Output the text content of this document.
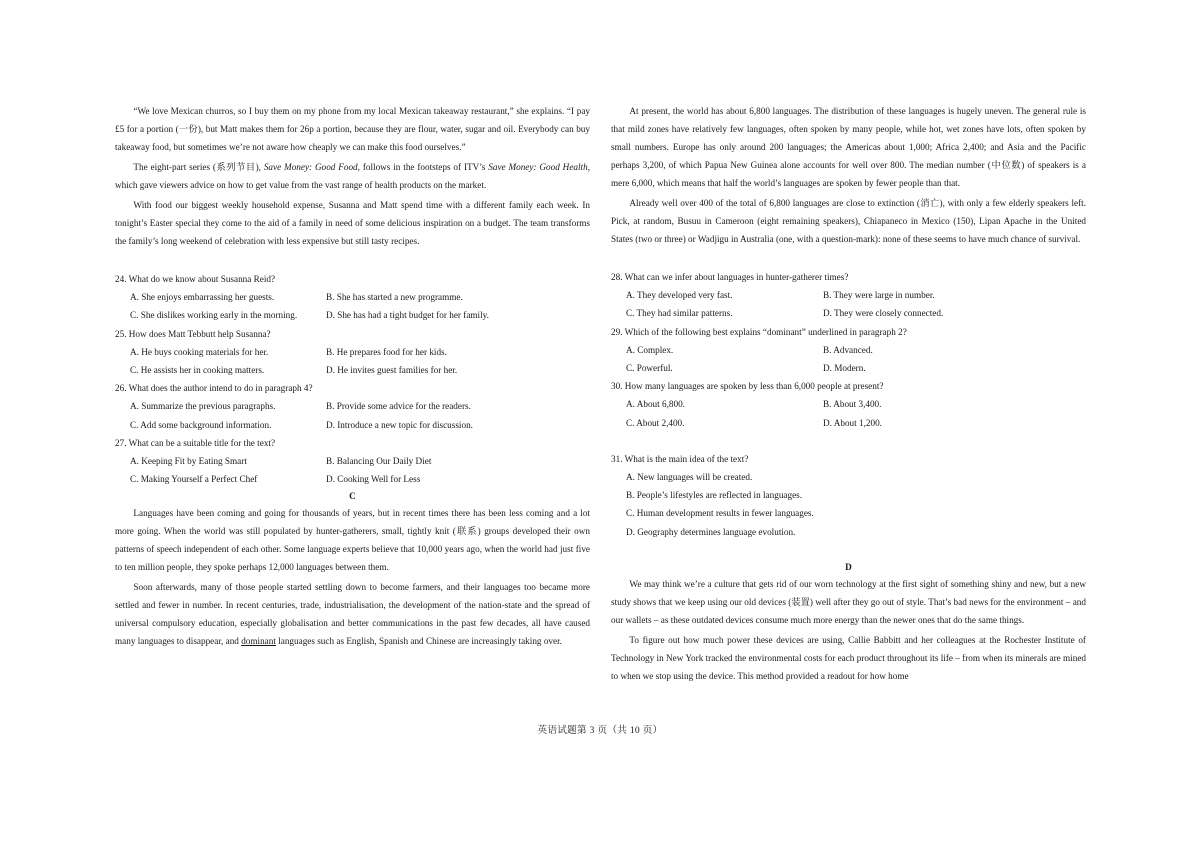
“We love Mexican churros, so I buy them on my phone from my local Mexican takeaway restaurant,” she explains. “I pay £5 for a portion (一份), but Matt makes them for 26p a portion, because they are flour, water, sugar and oil. Everybody can buy takeaway food, but sometimes we’re not aware how cheaply we can make this food ourselves.”

The eight-part series (系列节目), Save Money: Good Food, follows in the footsteps of ITV’s Save Money: Good Health, which gave viewers advice on how to get value from the vast range of health products on the market.

With food our biggest weekly household expense, Susanna and Matt spend time with a different family each week. In tonight’s Easter special they come to the aid of a family in need of some delicious inspiration on a budget. The team transforms the family’s long weekend of celebration with less expensive but still tasty recipes.

24. What do we know about Susanna Reid?
A. She enjoys embarrassing her guests.	B. She has started a new programme.
C. She dislikes working early in the morning.	D. She has had a tight budget for her family.
25. How does Matt Tebbutt help Susanna?
A. He buys cooking materials for her.	B. He prepares food for her kids.
C. He assists her in cooking matters.	D. He invites guest families for her.
26. What does the author intend to do in paragraph 4?
A. Summarize the previous paragraphs.	B. Provide some advice for the readers.
C. Add some background information.	D. Introduce a new topic for discussion.
27. What can be a suitable title for the text?
A. Keeping Fit by Eating Smart	B. Balancing Our Daily Diet
C. Making Yourself a Perfect Chef	D. Cooking Well for Less
C

Languages have been coming and going for thousands of years, but in recent times there has been less coming and a lot more going. When the world was still populated by hunter-gatherers, small, tightly knit (联系) groups developed their own patterns of speech independent of each other. Some language experts believe that 10,000 years ago, when the world had just five to ten million people, they spoke perhaps 12,000 languages between them.

Soon afterwards, many of those people started settling down to become farmers, and their languages too became more settled and fewer in number. In recent centuries, trade, industrialisation, the development of the nation-state and the spread of universal compulsory education, especially globalisation and better communications in the past few decades, all have caused many languages to disappear, and dominant languages such as English, Spanish and Chinese are increasingly taking over.

At present, the world has about 6,800 languages. The distribution of these languages is hugely uneven. The general rule is that mild zones have relatively few languages, often spoken by many people, while hot, wet zones have lots, often spoken by small numbers. Europe has only around 200 languages; the Americas about 1,000; Africa 2,400; and Asia and the Pacific perhaps 3,200, of which Papua New Guinea alone accounts for well over 800. The median number (中位数) of speakers is a mere 6,000, which means that half the world’s languages are spoken by fewer people than that.

Already well over 400 of the total of 6,800 languages are close to extinction (消亡), with only a few elderly speakers left. Pick, at random, Busuu in Cameroon (eight remaining speakers), Chiapaneco in Mexico (150), Lipan Apache in the United States (two or three) or Wadjigu in Australia (one, with a question-mark): none of these seems to have much chance of survival.

28. What can we infer about languages in hunter-gatherer times?
A. They developed very fast.	B. They were large in number.
C. They had similar patterns.	D. They were closely connected.
29. Which of the following best explains “dominant” underlined in paragraph 2?
A. Complex.	B. Advanced.
C. Powerful.	D. Modern.
30. How many languages are spoken by less than 6,000 people at present?
A. About 6,800.	B. About 3,400.
C. About 2,400.	D. About 1,200.
31. What is the main idea of the text?
A. New languages will be created.
B. People’s lifestyles are reflected in languages.
C. Human development results in fewer languages.
D. Geography determines language evolution.
D

We may think we’re a culture that gets rid of our worn technology at the first sight of something shiny and new, but a new study shows that we keep using our old devices (装置) well after they go out of style. That’s bad news for the environment – and our wallets – as these outdated devices consume much more energy than the newer ones that do the same things.

To figure out how much power these devices are using, Callie Babbitt and her colleagues at the Rochester Institute of Technology in New York tracked the environmental costs for each product throughout its life – from when its minerals are mined to when we stop using the device. This method provided a readout for how home

英语试题第 3 页（共 10 页）
